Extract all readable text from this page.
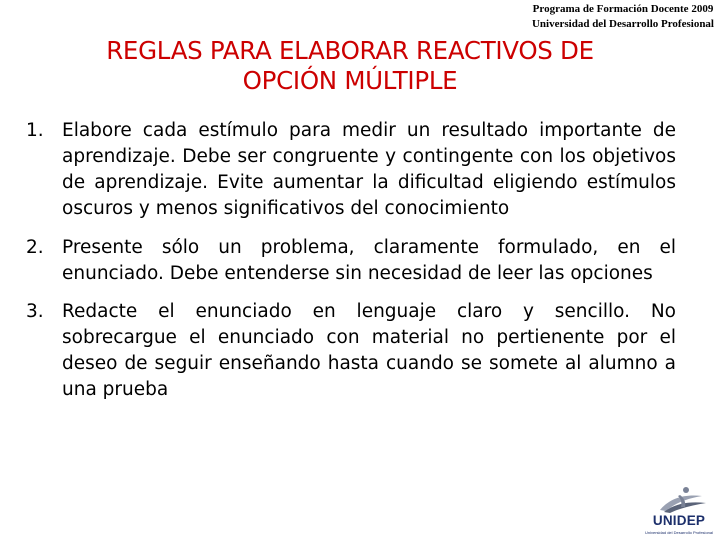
Programa de Formación Docente 2009
Universidad del Desarrollo Profesional
REGLAS PARA ELABORAR REACTIVOS DE
OPCIÓN MÚLTIPLE
1. Elabore cada estímulo para medir un resultado importante de aprendizaje. Debe ser congruente y contingente con los objetivos de aprendizaje. Evite aumentar la dificultad eligiendo estímulos oscuros y menos significativos del conocimiento
2. Presente sólo un problema, claramente formulado, en el enunciado. Debe entenderse sin necesidad de leer las opciones
3. Redacte el enunciado en lenguaje claro y sencillo. No sobrecargue el enunciado con material no pertienente por el deseo de seguir enseñando hasta cuando se somete al alumno a una prueba
UNIDEP
Universidad del Desarrollo Profesional
